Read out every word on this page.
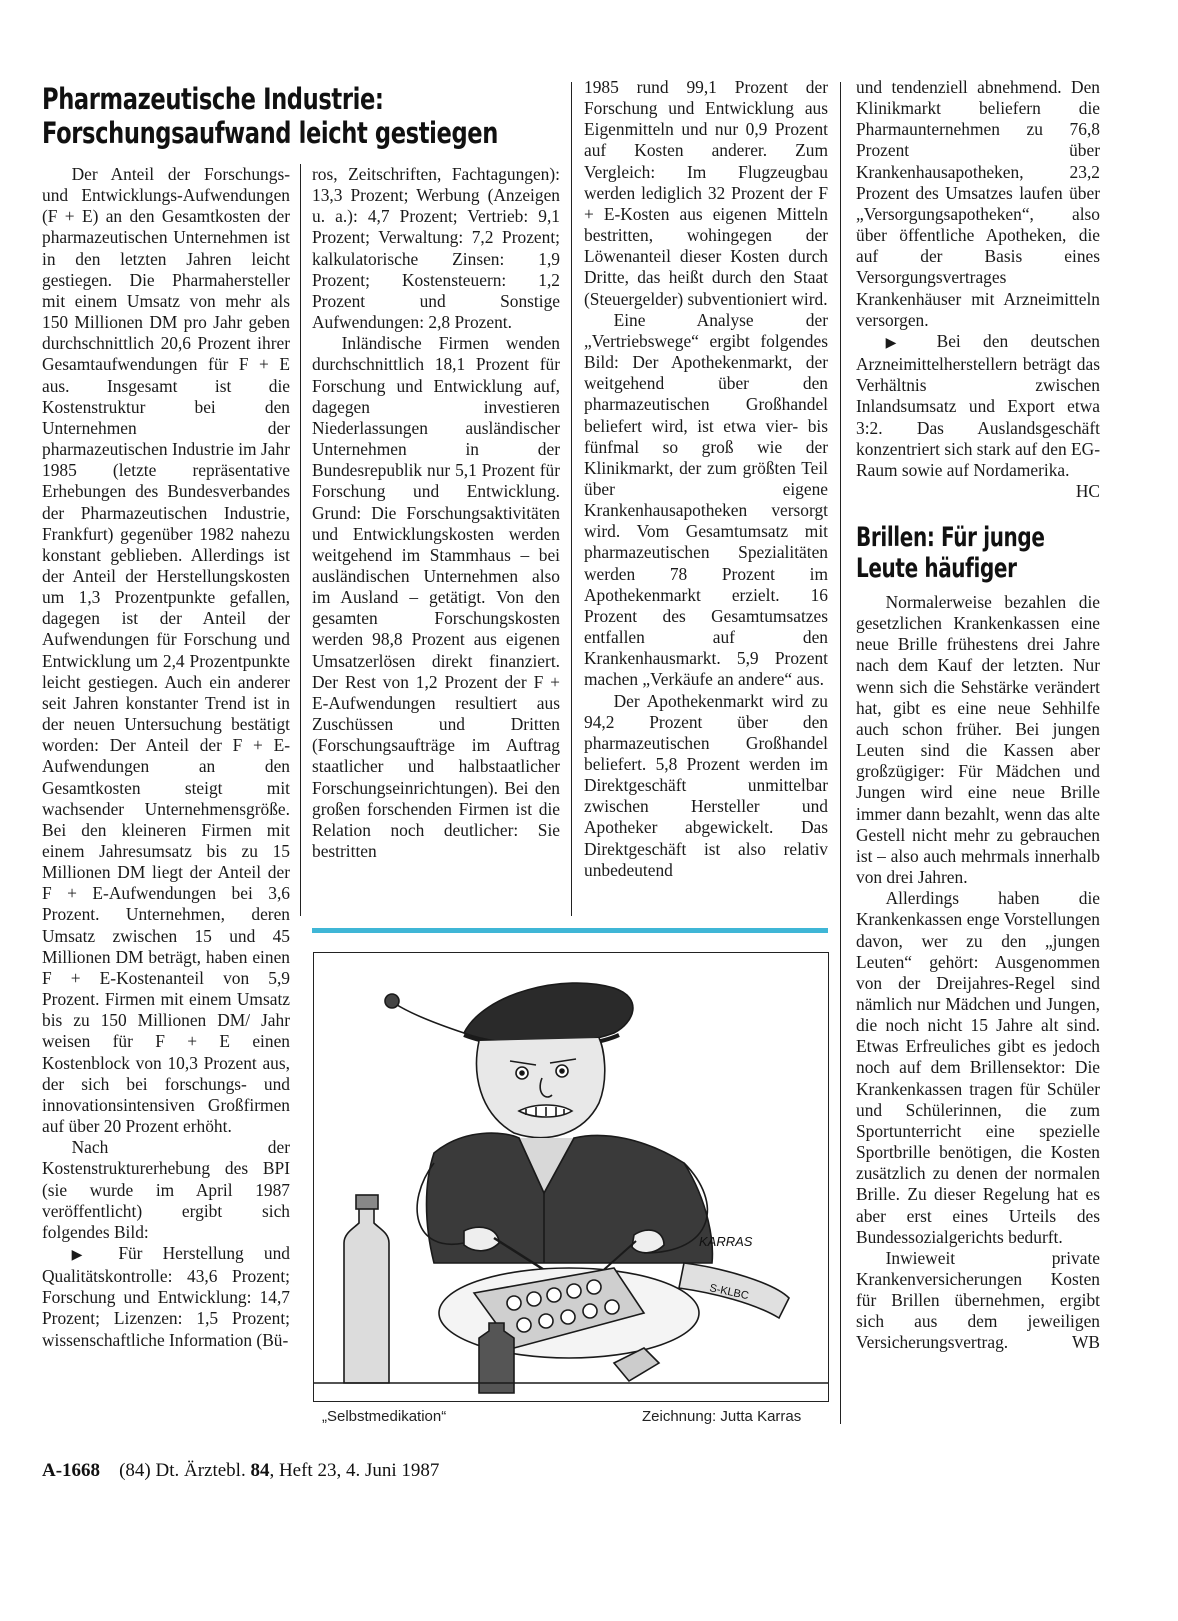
Pharmazeutische Industrie:
Forschungsaufwand leicht gestiegen

Der Anteil der Forschungs- und Entwicklungs-Aufwendungen (F + E) an den Gesamtkosten der pharmazeutischen Unternehmen ist in den letzten Jahren leicht gestiegen. Die Pharmahersteller mit einem Umsatz von mehr als 150 Millionen DM pro Jahr geben durchschnittlich 20,6 Prozent ihrer Gesamtaufwendungen für F + E aus. Insgesamt ist die Kostenstruktur bei den Unternehmen der pharmazeutischen Industrie im Jahr 1985 (letzte repräsentative Erhebungen des Bundesverbandes der Pharmazeutischen Industrie, Frankfurt) gegenüber 1982 nahezu konstant geblieben. Allerdings ist der Anteil der Herstellungskosten um 1,3 Prozentpunkte gefallen, dagegen ist der Anteil der Aufwendungen für Forschung und Entwicklung um 2,4 Prozentpunkte leicht gestiegen. Auch ein anderer seit Jahren konstanter Trend ist in der neuen Untersuchung bestätigt worden: Der Anteil der F + E-Aufwendungen an den Gesamtkosten steigt mit wachsender Unternehmensgröße. Bei den kleineren Firmen mit einem Jahresumsatz bis zu 15 Millionen DM liegt der Anteil der F + E-Aufwendungen bei 3,6 Prozent. Unternehmen, deren Umsatz zwischen 15 und 45 Millionen DM beträgt, haben einen F + E-Kostenanteil von 5,9 Prozent. Firmen mit einem Umsatz bis zu 150 Millionen DM/ Jahr weisen für F + E einen Kostenblock von 10,3 Prozent aus, der sich bei forschungs- und innovationsintensiven Großfirmen auf über 20 Prozent erhöht.

Nach der Kostenstrukturerhebung des BPI (sie wurde im April 1987 veröffentlicht) ergibt sich folgendes Bild:

▶ Für Herstellung und Qualitätskontrolle: 43,6 Prozent; Forschung und Entwicklung: 14,7 Prozent; Lizenzen: 1,5 Prozent; wissenschaftliche Information (Bü-

ros, Zeitschriften, Fachtagungen): 13,3 Prozent; Werbung (Anzeigen u. a.): 4,7 Prozent; Vertrieb: 9,1 Prozent; Verwaltung: 7,2 Prozent; kalkulatorische Zinsen: 1,9 Prozent; Kostensteuern: 1,2 Prozent und Sonstige Aufwendungen: 2,8 Prozent.

Inländische Firmen wenden durchschnittlich 18,1 Prozent für Forschung und Entwicklung auf, dagegen investieren Niederlassungen ausländischer Unternehmen in der Bundesrepublik nur 5,1 Prozent für Forschung und Entwicklung. Grund: Die Forschungsaktivitäten und Entwicklungskosten werden weitgehend im Stammhaus – bei ausländischen Unternehmen also im Ausland – getätigt. Von den gesamten Forschungskosten werden 98,8 Prozent aus eigenen Umsatzerlösen direkt finanziert. Der Rest von 1,2 Prozent der F + E-Aufwendungen resultiert aus Zuschüssen und Dritten (Forschungsaufträge im Auftrag staatlicher und halbstaatlicher Forschungseinrichtungen). Bei den großen forschenden Firmen ist die Relation noch deutlicher: Sie bestritten

1985 rund 99,1 Prozent der Forschung und Entwicklung aus Eigenmitteln und nur 0,9 Prozent auf Kosten anderer. Zum Vergleich: Im Flugzeugbau werden lediglich 32 Prozent der F + E-Kosten aus eigenen Mitteln bestritten, wohingegen der Löwenanteil dieser Kosten durch Dritte, das heißt durch den Staat (Steuergelder) subventioniert wird.

Eine Analyse der „Vertriebswege“ ergibt folgendes Bild: Der Apothekenmarkt, der weitgehend über den pharmazeutischen Großhandel beliefert wird, ist etwa vier- bis fünfmal so groß wie der Klinikmarkt, der zum größten Teil über eigene Krankenhausapotheken versorgt wird. Vom Gesamtumsatz mit pharmazeutischen Spezialitäten werden 78 Prozent im Apothekenmarkt erzielt. 16 Prozent des Gesamtumsatzes entfallen auf den Krankenhausmarkt. 5,9 Prozent machen „Verkäufe an andere“ aus.

Der Apothekenmarkt wird zu 94,2 Prozent über den pharmazeutischen Großhandel beliefert. 5,8 Prozent werden im Direktgeschäft unmittelbar zwischen Hersteller und Apotheker abgewickelt. Das Direktgeschäft ist also relativ unbedeutend

und tendenziell abnehmend. Den Klinikmarkt beliefern die Pharmaunternehmen zu 76,8 Prozent über Krankenhausapotheken, 23,2 Prozent des Umsatzes laufen über „Versorgungsapotheken“, also über öffentliche Apotheken, die auf der Basis eines Versorgungsvertrages Krankenhäuser mit Arzneimitteln versorgen.

▶ Bei den deutschen Arzneimittelherstellern beträgt das Verhältnis zwischen Inlandsumsatz und Export etwa 3:2. Das Auslandsgeschäft konzentriert sich stark auf den EG-Raum sowie auf Nordamerika.
HC

Brillen: Für junge
Leute häufiger

Normalerweise bezahlen die gesetzlichen Krankenkassen eine neue Brille frühestens drei Jahre nach dem Kauf der letzten. Nur wenn sich die Sehstärke verändert hat, gibt es eine neue Sehhilfe auch schon früher. Bei jungen Leuten sind die Kassen aber großzügiger: Für Mädchen und Jungen wird eine neue Brille immer dann bezahlt, wenn das alte Gestell nicht mehr zu gebrauchen ist – also auch mehrmals innerhalb von drei Jahren.

Allerdings haben die Krankenkassen enge Vorstellungen davon, wer zu den „jungen Leuten“ gehört: Ausgenommen von der Dreijahres-Regel sind nämlich nur Mädchen und Jungen, die noch nicht 15 Jahre alt sind. Etwas Erfreuliches gibt es jedoch noch auf dem Brillensektor: Die Krankenkassen tragen für Schüler und Schülerinnen, die zum Sportunterricht eine spezielle Sportbrille benötigen, die Kosten zusätzlich zu denen der normalen Brille. Zu dieser Regelung hat es aber erst eines Urteils des Bundessozialgerichts bedurft.

Inwieweit private Krankenversicherungen Kosten für Brillen übernehmen, ergibt sich aus dem jeweiligen Versicherungsvertrag.	WB

KARRAS
S-KLBC
„Selbstmedikation“	Zeichnung: Jutta Karras
A-1668 (84) Dt. Ärztebl. 84, Heft 23, 4. Juni 1987
